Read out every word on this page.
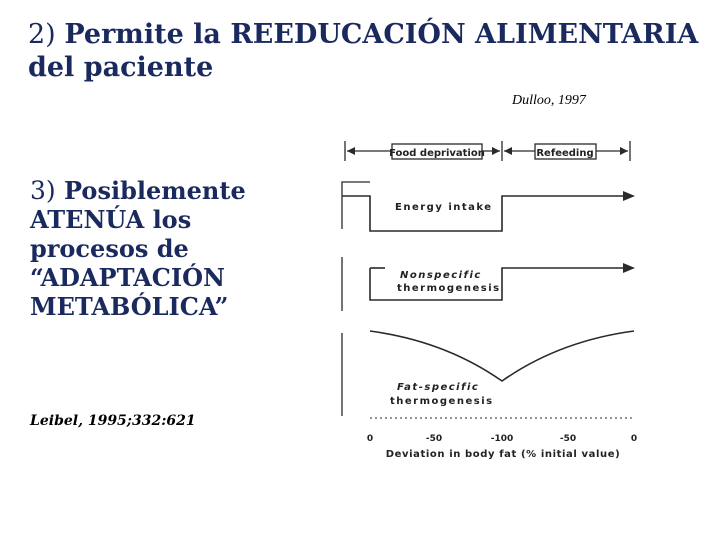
2) Permite la REEDUCACIÓN ALIMENTARIA del paciente
Dulloo, 1997
3) Posiblemente
ATENÚA los
procesos de
“ADAPTACIÓN
METABÓLICA”
Leibel, 1995;332:621
Food deprivation	Refeeding
Energy intake
Nonspecific
thermogenesis
Fat-specific
thermogenesis
0	-50	-100	-50	0
Deviation in body fat (% initial value)
